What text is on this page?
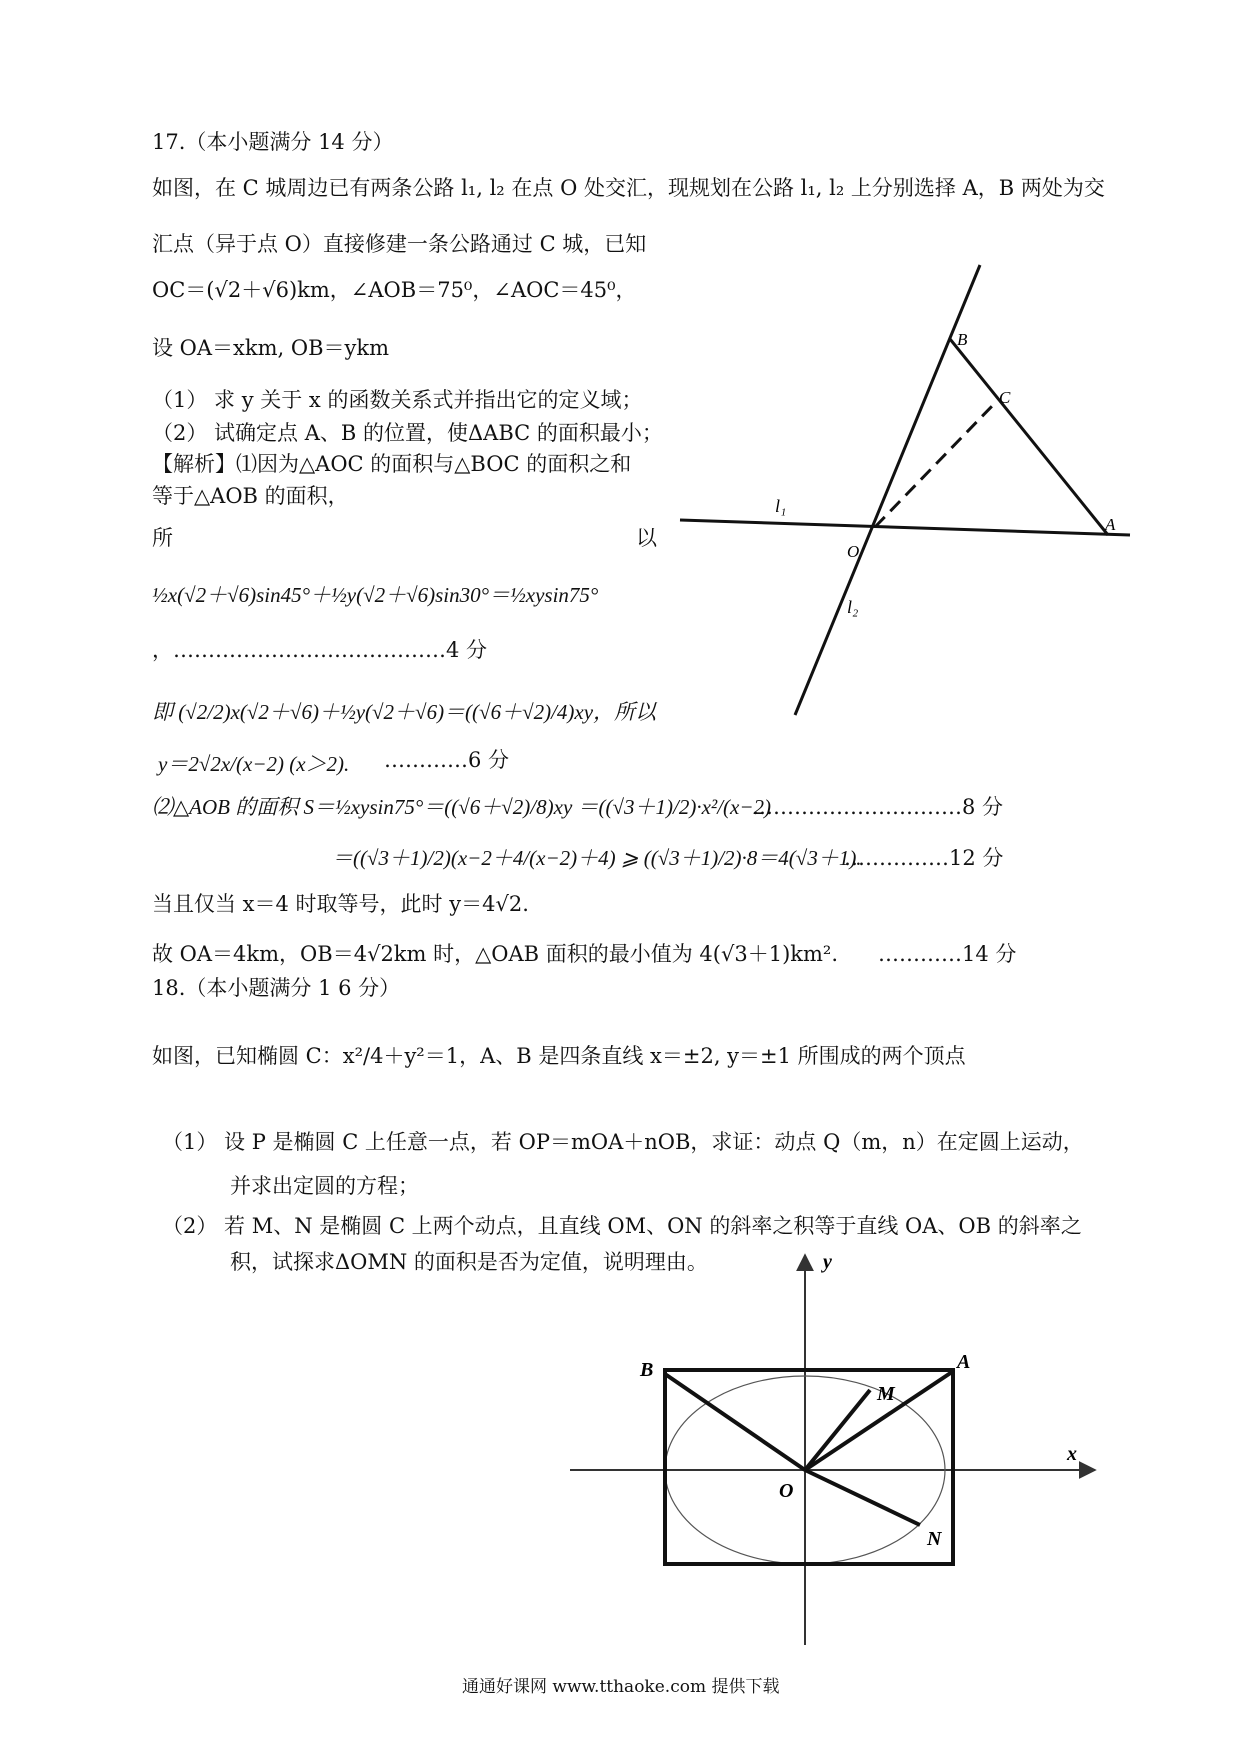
17.（本小题满分 14 分）
如图，在 C 城周边已有两条公路 l₁, l₂ 在点 O 处交汇，现规划在公路 l₁, l₂ 上分别选择 A，B 两处为交
汇点（异于点 O）直接修建一条公路通过 C 城，已知
OC＝(√2＋√6)km，∠AOB＝75⁰，∠AOC＝45⁰，
设 OA＝xkm, OB＝ykm
（1） 求 y 关于 x 的函数关系式并指出它的定义域；
（2） 试确定点 A、B 的位置，使ΔABC 的面积最小；
【解析】⑴因为△AOC 的面积与△BOC 的面积之和
等于△AOB 的面积，
所	以
½x(√2＋√6)sin45°＋½y(√2＋√6)sin30°＝½xysin75°
，…………………………………4 分
即 (√2/2)x(√2＋√6)＋½y(√2＋√6)＝((√6＋√2)/4)xy，所以
y＝2√2x/(x−2) (x＞2). …………6 分
⑵△AOB 的面积 S＝½xysin75°＝((√6＋√2)/8)xy ＝((√3＋1)/2)·x²/(x−2)
…………………………8 分
＝((√3＋1)/2)(x−2＋4/(x−2)＋4) ⩾ ((√3＋1)/2)·8＝4(√3＋1).
……………12 分
当且仅当 x＝4 时取等号，此时 y＝4√2.
故 OA＝4km，OB＝4√2km 时，△OAB 面积的最小值为 4(√3＋1)km². …………14 分
B
C
A
O
l₁
l₂
18.（本小题满分 1 6 分）
如图，已知椭圆 C：x²/4＋y²＝1，A、B 是四条直线 x＝±2, y＝±1 所围成的两个顶点
（1） 设 P 是椭圆 C 上任意一点，若 OP＝mOA＋nOB，求证：动点 Q（m，n）在定圆上运动，
并求出定圆的方程；
（2） 若 M、N 是椭圆 C 上两个动点，且直线 OM、ON 的斜率之积等于直线 OA、OB 的斜率之
积，试探求ΔOMN 的面积是否为定值，说明理由。
B	A
M
N
O
x
y
通通好课网 www.tthaoke.com 提供下载
